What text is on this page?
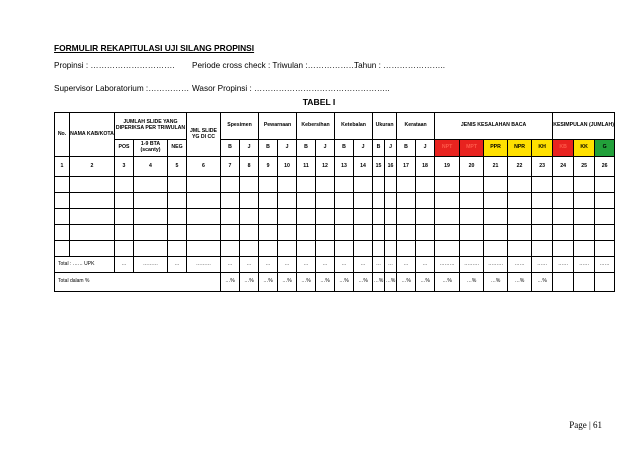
FORMULIR REKAPITULASI UJI SILANG PROPINSI
Propinsi : …………………………. Periode cross check : Triwulan :………………
Tahun : …………………..
Supervisor Laboratorium :…………… Wasor Propinsi : …………………………………………..
TABEL I
No.	NAMA KAB/KOTA	JUMLAH SLIDE YANG DIPERIKSA PER TRIWULAN			JML SLIDE YG DI CC	Spesimen		Pewarnaan		Kebersihan		Ketebalan		Ukuran		Kerataan		JENIS KESALAHAN BACA					KESIMPULAN (JUMLAH)		
		POS	1-9 BTA (scanty)	NEG		B	J	B	J	B	J	B	J	B	J	B	J	NPT	MPT	PPR	NPR	KH	KB	KK	G
1	2	3	4	5	6	7	8	9	10	11	12	13	14	15	16	17	18	19	20	21	22	23	24	25	26

Total : …… UPK		…	………	…	………	…	…	…	…	…	…	…	…	…	…	…	…	………	………	………	……	……	……	……	……
Total dalam %						…%	…%	…%	…%	…%	…%	…%	…%	…%	…%	…%	…%	…%	…%	…%	…%	…%			
Page | 61
